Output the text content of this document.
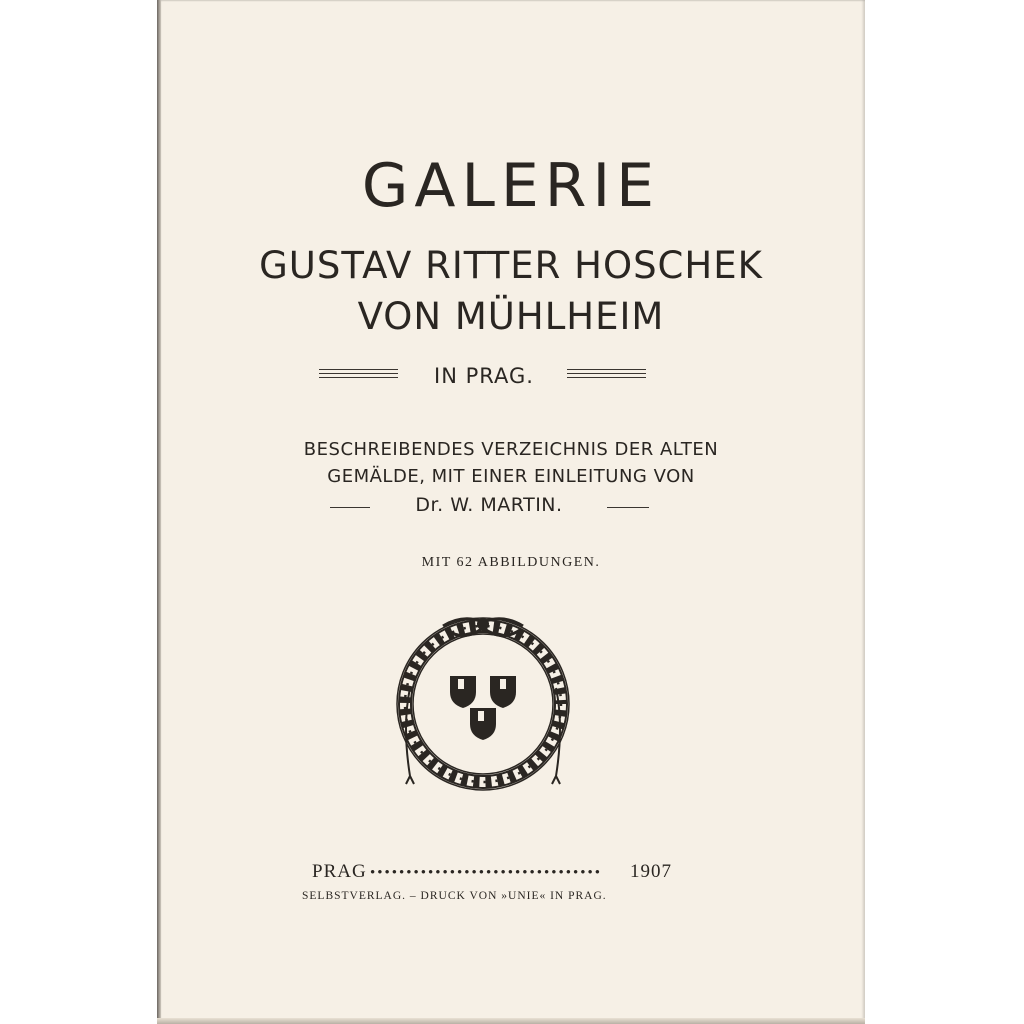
GALERIE
GUSTAV RITTER HOSCHEK
VON MÜHLHEIM
IN PRAG.
BESCHREIBENDES VERZEICHNIS DER ALTEN
GEMÄLDE, MIT EINER EINLEITUNG VON
Dr. W. MARTIN.
MIT 62 ABBILDUNGEN.
PRAG ••••••••••••••••••••••••••••••••	1907
SELBSTVERLAG. – DRUCK VON »UNIE« IN PRAG.
